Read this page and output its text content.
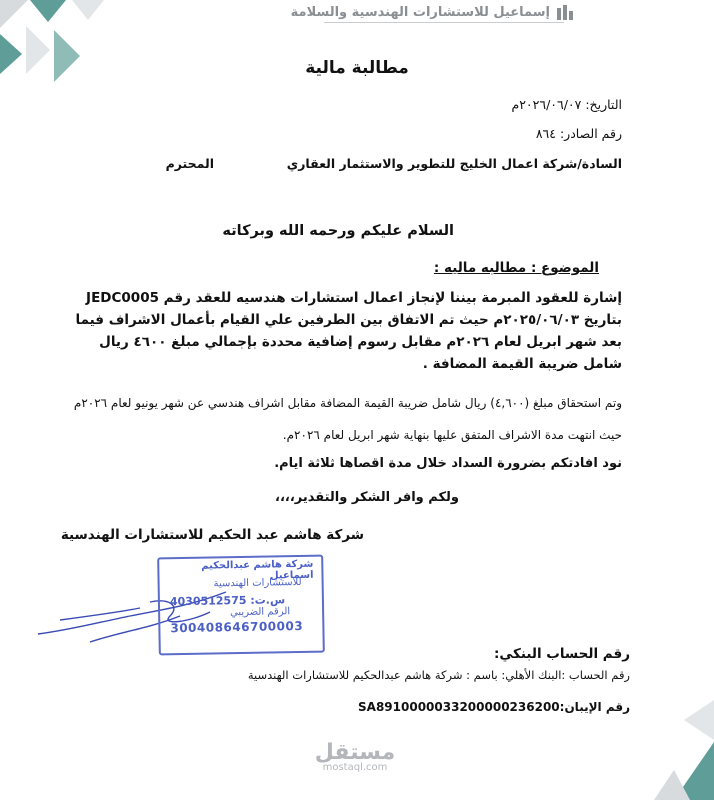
إسماعيل للاستشارات الهندسية والسلامة
مطالبة مالية
التاريخ: ٢٠٢٦/٠٦/٠٧م
رقم الصادر: ٨٦٤
السادة/شركة اعمال الخليج للتطوير والاستثمار العقاري
المحترم
السلام عليكم ورحمه الله وبركاته
الموضوع : مطالبه ماليه :
إشارة للعقود المبرمة بيننا لإنجاز اعمال استشارات هندسيه للعقد رقم JEDC0005 بتاريخ ٢٠٢٥/٠٦/٠٣م حيث تم الاتفاق بين الطرفين علي القيام بأعمال الاشراف فيما بعد شهر ابريل لعام ٢٠٢٦م مقابل رسوم إضافية محددة بإجمالي مبلغ ٤٦٠٠ ريال شامل ضريبة القيمة المضافة .
وتم استحقاق مبلغ (٤,٦٠٠) ريال شامل ضريبة القيمة المضافة مقابل اشراف هندسي عن شهر يونيو لعام ٢٠٢٦م
حيث انتهت مدة الاشراف المتفق عليها بنهاية شهر ابريل لعام ٢٠٢٦م.
نود افادتكم بضرورة السداد خلال مدة اقصاها ثلاثة ايام.
ولكم وافر الشكر والتقدير،،،،
شركة هاشم عبد الحكيم للاستشارات الهندسية
شركة هاشم عبدالحكيم اسماعيل
للاستشارات الهندسية
س.ت: 4030512575
الرقم الضريبي
300408646700003
رقم الحساب البنكي:
رقم الحساب :البنك الأهلي: باسم : شركة هاشم عبدالحكيم للاستشارات الهندسية
رقم الإيبان:SA8910000033200000236200
مستقل
mostaql.com
